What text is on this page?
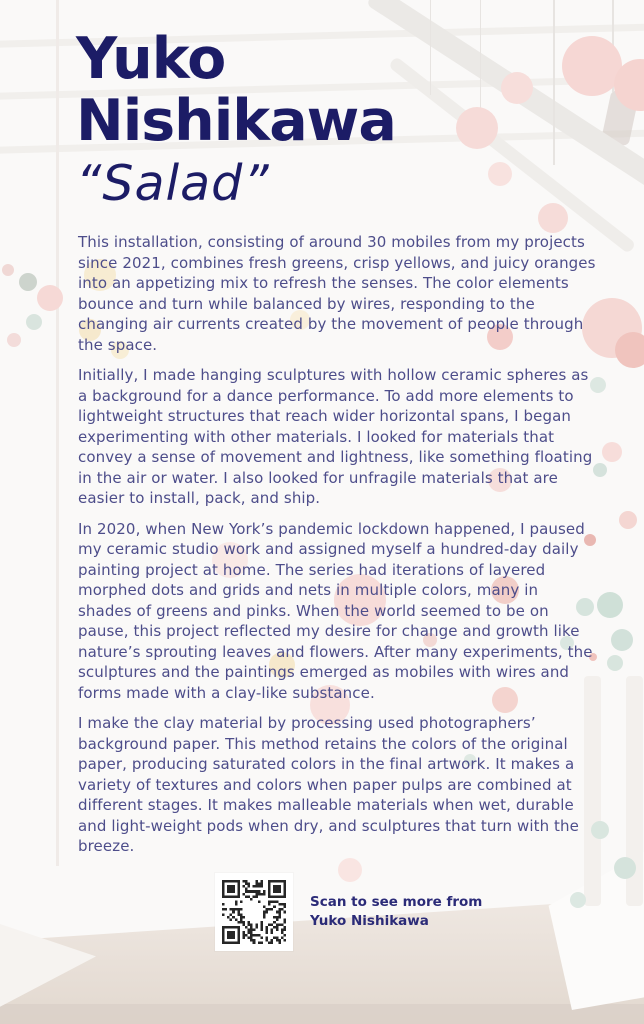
Yuko
Nishikawa
“Salad”

This installation, consisting of around 30 mobiles from my projects since 2021, combines fresh greens, crisp yellows, and juicy oranges into an appetizing mix to refresh the senses. The color elements bounce and turn while balanced by wires, responding to the changing air currents created by the movement of people through the space.

Initially, I made hanging sculptures with hollow ceramic spheres as a background for a dance performance. To add more elements to lightweight structures that reach wider horizontal spans, I began experimenting with other materials. I looked for materials that convey a sense of movement and lightness, like something floating in the air or water. I also looked for unfragile materials that are easier to install, pack, and ship.

In 2020, when New York’s pandemic lockdown happened, I paused my ceramic studio work and assigned myself a hundred-day daily painting project at home. The series had iterations of layered morphed dots and grids and nets in multiple colors, many in shades of greens and pinks. When the world seemed to be on pause, this project reflected my desire for change and growth like nature’s sprouting leaves and flowers. After many experiments, the sculptures and the paintings emerged as mobiles with wires and forms made with a clay-like substance.

I make the clay material by processing used photographers’ background paper. This method retains the colors of the original paper, producing saturated colors in the final artwork. It makes a variety of textures and colors when paper pulps are combined at different stages. It makes malleable materials when wet, durable and light-weight pods when dry, and sculptures that turn with the breeze.

Scan to see more from
Yuko Nishikawa
